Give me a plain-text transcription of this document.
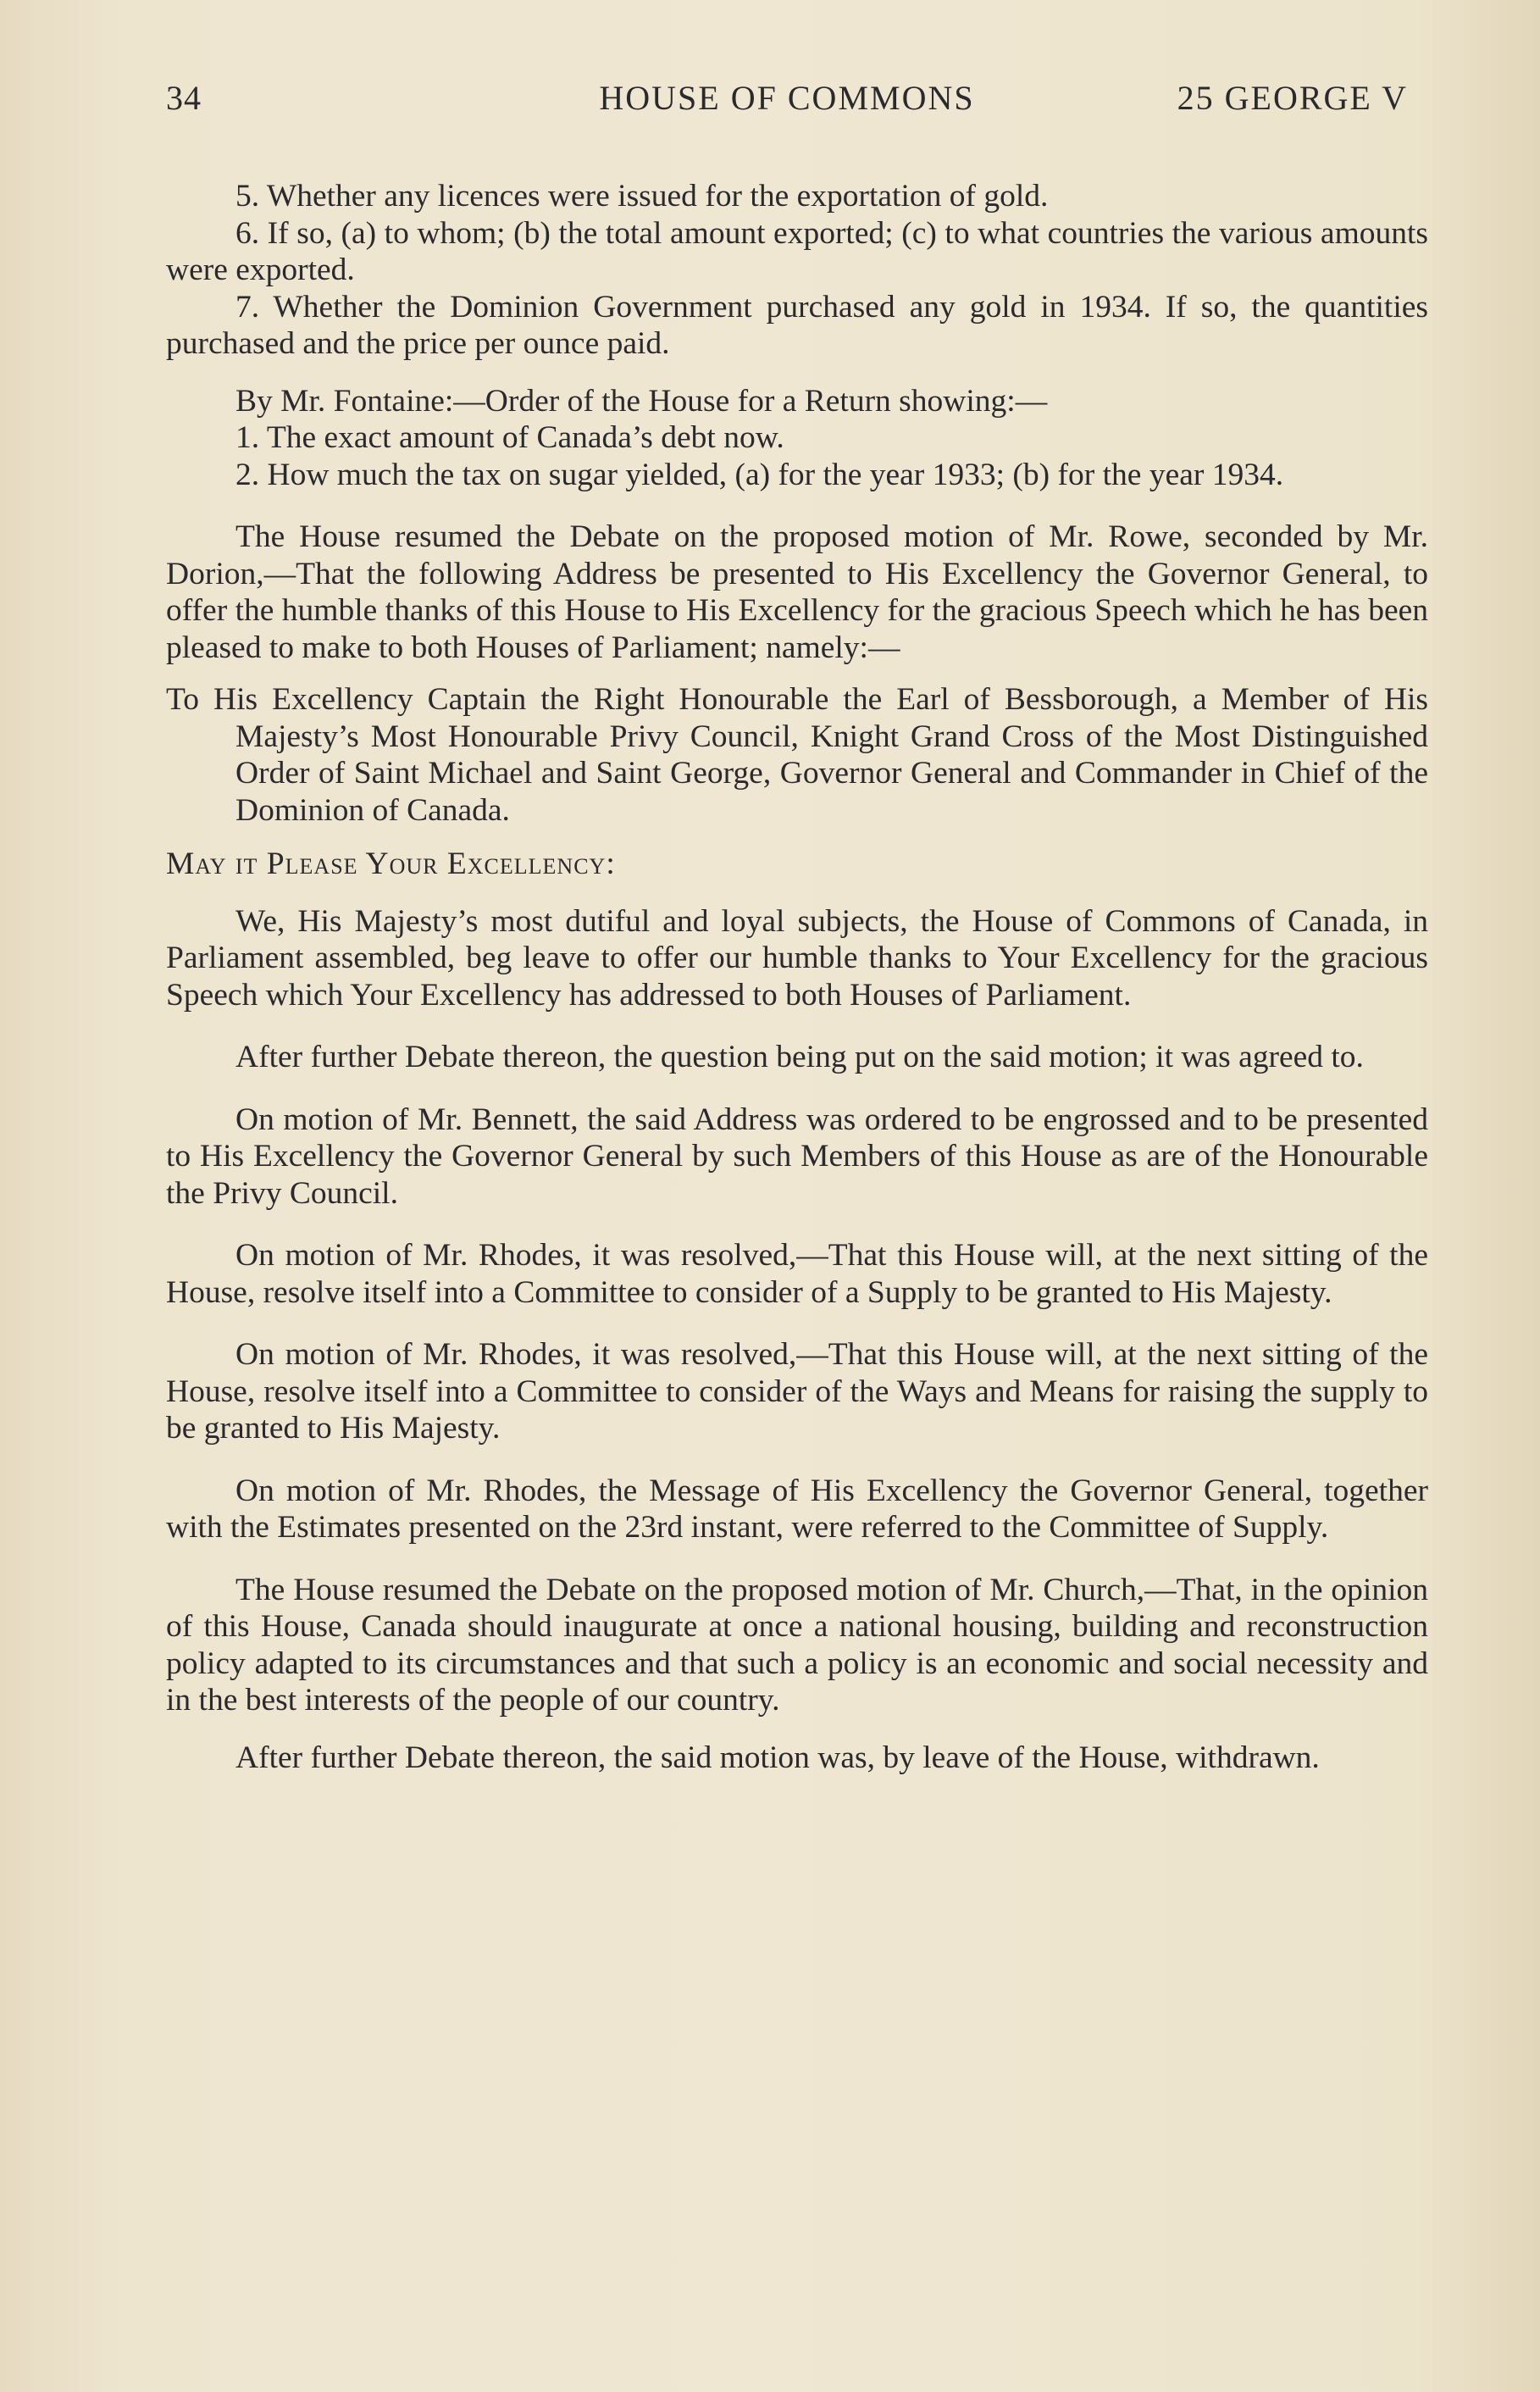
34	HOUSE OF COMMONS	25 GEORGE V

5. Whether any licences were issued for the exportation of gold.

6. If so, (a) to whom; (b) the total amount exported; (c) to what countries the various amounts were exported.

7. Whether the Dominion Government purchased any gold in 1934. If so, the quantities purchased and the price per ounce paid.

By Mr. Fontaine:—Order of the House for a Return showing:—

1. The exact amount of Canada’s debt now.

2. How much the tax on sugar yielded, (a) for the year 1933; (b) for the year 1934.

The House resumed the Debate on the proposed motion of Mr. Rowe, seconded by Mr. Dorion,—That the following Address be presented to His Excellency the Governor General, to offer the humble thanks of this House to His Excellency for the gracious Speech which he has been pleased to make to both Houses of Parliament; namely:—

To His Excellency Captain the Right Honourable the Earl of Bessborough, a Member of His Majesty’s Most Honourable Privy Council, Knight Grand Cross of the Most Distinguished Order of Saint Michael and Saint George, Governor General and Commander in Chief of the Dominion of Canada.

May it Please Your Excellency:

We, His Majesty’s most dutiful and loyal subjects, the House of Commons of Canada, in Parliament assembled, beg leave to offer our humble thanks to Your Excellency for the gracious Speech which Your Excellency has addressed to both Houses of Parliament.

After further Debate thereon, the question being put on the said motion; it was agreed to.

On motion of Mr. Bennett, the said Address was ordered to be engrossed and to be presented to His Excellency the Governor General by such Members of this House as are of the Honourable the Privy Council.

On motion of Mr. Rhodes, it was resolved,—That this House will, at the next sitting of the House, resolve itself into a Committee to consider of a Supply to be granted to His Majesty.

On motion of Mr. Rhodes, it was resolved,—That this House will, at the next sitting of the House, resolve itself into a Committee to consider of the Ways and Means for raising the supply to be granted to His Majesty.

On motion of Mr. Rhodes, the Message of His Excellency the Governor General, together with the Estimates presented on the 23rd instant, were referred to the Committee of Supply.

The House resumed the Debate on the proposed motion of Mr. Church,—That, in the opinion of this House, Canada should inaugurate at once a national housing, building and reconstruction policy adapted to its circumstances and that such a policy is an economic and social necessity and in the best interests of the people of our country.

After further Debate thereon, the said motion was, by leave of the House, withdrawn.
